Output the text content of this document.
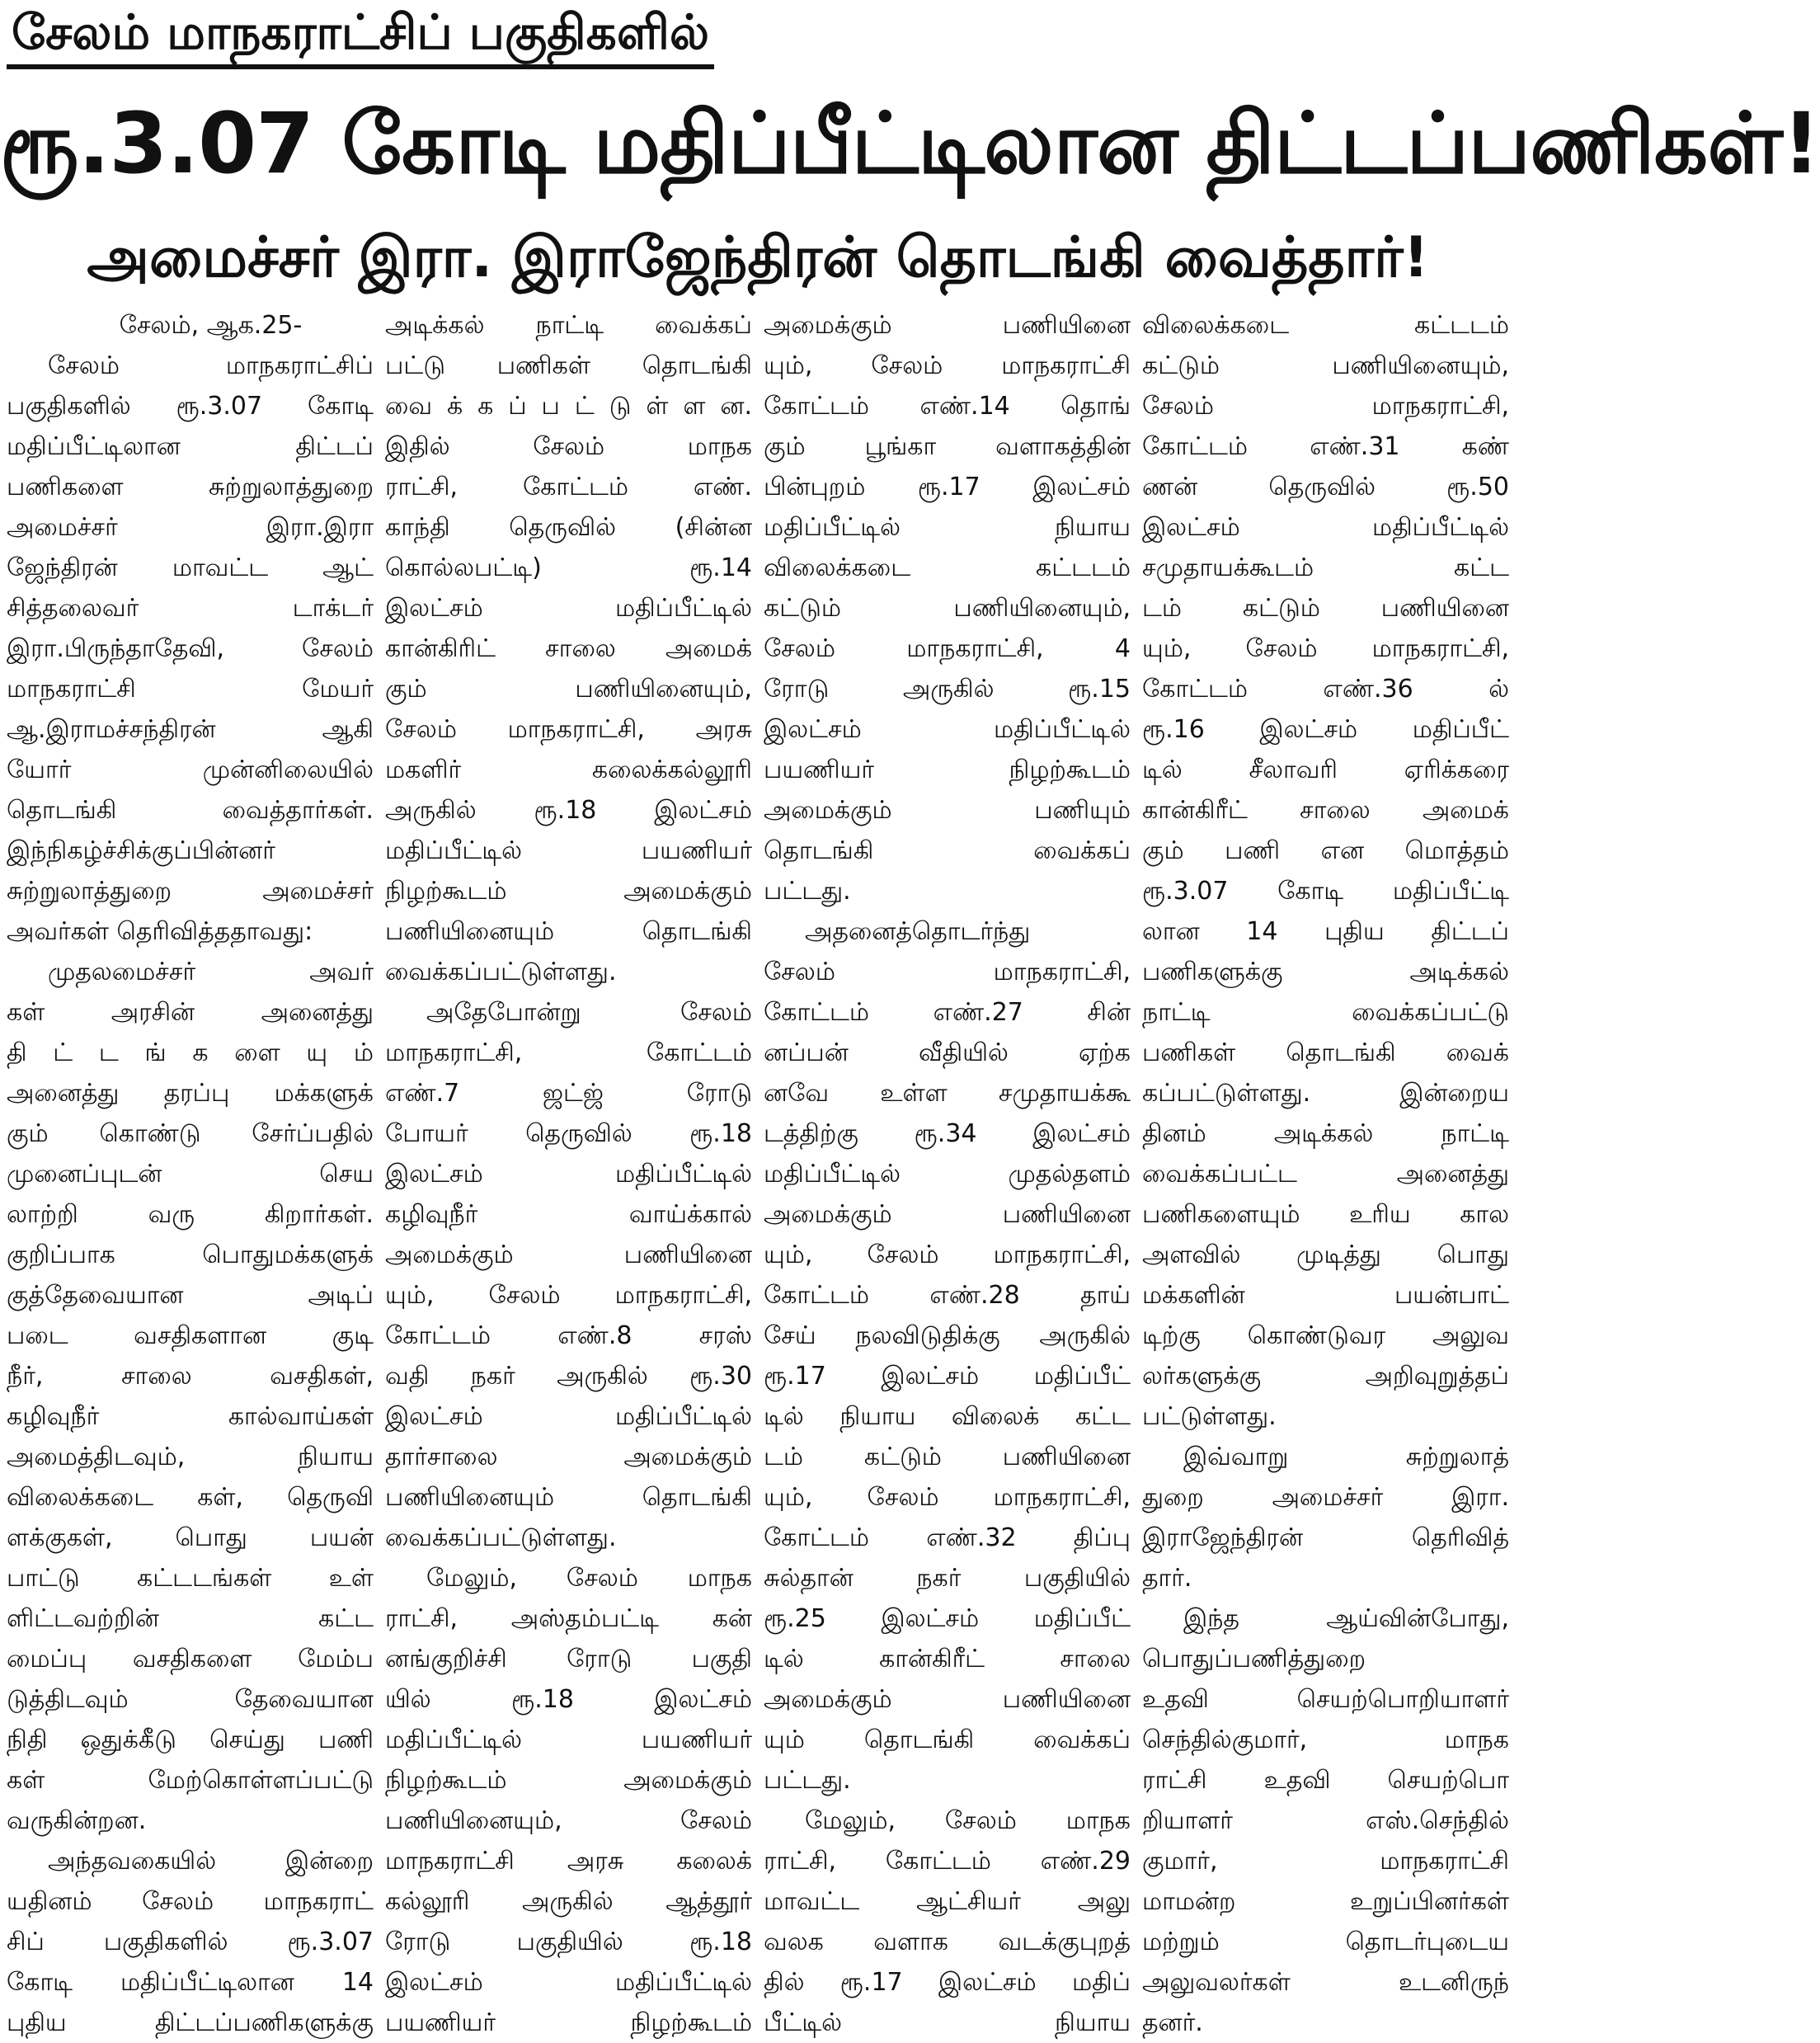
சேலம் மாநகராட்சிப் பகுதிகளில்
ரூ.3.07 கோடி மதிப்பீட்டிலான திட்டப்பணிகள்!
அமைச்சர் இரா. இராஜேந்திரன் தொடங்கி வைத்தார்!
சேலம், ஆக.25-
சேலம் மாநகராட்சிப்
பகுதிகளில் ரூ.3.07 கோடி
மதிப்பீட்டிலான திட்டப்
பணிகளை சுற்றுலாத்துறை
அமைச்சர் இரா.இரா
ஜேந்திரன் மாவட்ட ஆட்
சித்தலைவர் டாக்டர்
இரா.பிருந்தாதேவி, சேலம்
மாநகராட்சி மேயர்
ஆ.இராமச்சந்திரன் ஆகி
யோர் முன்னிலையில்
தொடங்கி வைத்தார்கள்.
இந்நிகழ்ச்சிக்குப்பின்னர்
சுற்றுலாத்துறை அமைச்சர்
அவர்கள் தெரிவித்ததாவது:
முதலமைச்சர் அவர்
கள் அரசின் அனைத்து
தி ட் ட ங் க ளை யு ம்
அனைத்து தரப்பு மக்களுக்
கும் கொண்டு சேர்ப்பதில்
முனைப்புடன் செய
லாற்றி வரு கிறார்கள்.
குறிப்பாக பொதுமக்களுக்
குத்தேவையான அடிப்
படை வசதிகளான குடி
நீர், சாலை வசதிகள்,
கழிவுநீர் கால்வாய்கள்
அமைத்திடவும், நியாய
விலைக்கடை கள், தெருவி
ளக்குகள், பொது பயன்
பாட்டு கட்டடங்கள் உள்
ளிட்டவற்றின் கட்ட
மைப்பு வசதிகளை மேம்ப
டுத்திடவும் தேவையான
நிதி ஒதுக்கீடு செய்து பணி
கள் மேற்கொள்ளப்பட்டு
வருகின்றன.
அந்தவகையில் இன்றை
யதினம் சேலம் மாநகராட்
சிப் பகுதிகளில் ரூ.3.07
கோடி மதிப்பீட்டிலான 14
புதிய திட்டப்பணிகளுக்கு
அடிக்கல் நாட்டி வைக்கப்
பட்டு பணிகள் தொடங்கி
வை க் க ப் ப ட் டு ள் ள ன.
இதில் சேலம் மாநக
ராட்சி, கோட்டம் எண்.
காந்தி தெருவில் (சின்ன
கொல்லபட்டி) ரூ.14
இலட்சம் மதிப்பீட்டில்
கான்கிரிட் சாலை அமைக்
கும் பணியினையும்,
சேலம் மாநகராட்சி, அரசு
மகளிர் கலைக்கல்லூரி
அருகில் ரூ.18 இலட்சம்
மதிப்பீட்டில் பயணியர்
நிழற்கூடம் அமைக்கும்
பணியினையும் தொடங்கி
வைக்கப்பட்டுள்ளது.
அதேபோன்று சேலம்
மாநகராட்சி, கோட்டம்
எண்.7 ஜட்ஜ் ரோடு
போயர் தெருவில் ரூ.18
இலட்சம் மதிப்பீட்டில்
கழிவுநீர் வாய்க்கால்
அமைக்கும் பணியினை
யும், சேலம் மாநகராட்சி,
கோட்டம் எண்.8 சரஸ்
வதி நகர் அருகில் ரூ.30
இலட்சம் மதிப்பீட்டில்
தார்சாலை அமைக்கும்
பணியினையும் தொடங்கி
வைக்கப்பட்டுள்ளது.
மேலும், சேலம் மாநக
ராட்சி, அஸ்தம்பட்டி கன்
னங்குறிச்சி ரோடு பகுதி
யில் ரூ.18 இலட்சம்
மதிப்பீட்டில் பயணியர்
நிழற்கூடம் அமைக்கும்
பணியினையும், சேலம்
மாநகராட்சி அரசு கலைக்
கல்லூரி அருகில் ஆத்தூர்
ரோடு பகுதியில் ரூ.18
இலட்சம் மதிப்பீட்டில்
பயணியர் நிழற்கூடம்
அமைக்கும் பணியினை
யும், சேலம் மாநகராட்சி
கோட்டம் எண்.14 தொங்
கும் பூங்கா வளாகத்தின்
பின்புறம் ரூ.17 இலட்சம்
மதிப்பீட்டில் நியாய
விலைக்கடை கட்டடம்
கட்டும் பணியினையும்,
சேலம் மாநகராட்சி, 4
ரோடு அருகில் ரூ.15
இலட்சம் மதிப்பீட்டில்
பயணியர் நிழற்கூடம்
அமைக்கும் பணியும்
தொடங்கி வைக்கப்
பட்டது.
அதனைத்தொடர்ந்து
சேலம் மாநகராட்சி,
கோட்டம் எண்.27 சின்
னப்பன் வீதியில் ஏற்க
னவே உள்ள சமுதாயக்கூ
டத்திற்கு ரூ.34 இலட்சம்
மதிப்பீட்டில் முதல்தளம்
அமைக்கும் பணியினை
யும், சேலம் மாநகராட்சி,
கோட்டம் எண்.28 தாய்
சேய் நலவிடுதிக்கு அருகில்
ரூ.17 இலட்சம் மதிப்பீட்
டில் நியாய விலைக் கட்ட
டம் கட்டும் பணியினை
யும், சேலம் மாநகராட்சி,
கோட்டம் எண்.32 திப்பு
சுல்தான் நகர் பகுதியில்
ரூ.25 இலட்சம் மதிப்பீட்
டில் கான்கிரீட் சாலை
அமைக்கும் பணியினை
யும் தொடங்கி வைக்கப்
பட்டது.
மேலும், சேலம் மாநக
ராட்சி, கோட்டம் எண்.29
மாவட்ட ஆட்சியர் அலு
வலக வளாக வடக்குபுறத்
தில் ரூ.17 இலட்சம் மதிப்
பீட்டில் நியாய
விலைக்கடை கட்டடம்
கட்டும் பணியினையும்,
சேலம் மாநகராட்சி,
கோட்டம் எண்.31 கண்
ணன் தெருவில் ரூ.50
இலட்சம் மதிப்பீட்டில்
சமுதாயக்கூடம் கட்ட
டம் கட்டும் பணியினை
யும், சேலம் மாநகராட்சி,
கோட்டம் எண்.36 ல்
ரூ.16 இலட்சம் மதிப்பீட்
டில் சீலாவரி ஏரிக்கரை
கான்கிரீட் சாலை அமைக்
கும் பணி என மொத்தம்
ரூ.3.07 கோடி மதிப்பீட்டி
லான 14 புதிய திட்டப்
பணிகளுக்கு அடிக்கல்
நாட்டி வைக்கப்பட்டு
பணிகள் தொடங்கி வைக்
கப்பட்டுள்ளது. இன்றைய
தினம் அடிக்கல் நாட்டி
வைக்கப்பட்ட அனைத்து
பணிகளையும் உரிய கால
அளவில் முடித்து பொது
மக்களின் பயன்பாட்
டிற்கு கொண்டுவர அலுவ
லர்களுக்கு அறிவுறுத்தப்
பட்டுள்ளது.
இவ்வாறு சுற்றுலாத்
துறை அமைச்சர் இரா.
இராஜேந்திரன் தெரிவித்
தார்.
இந்த ஆய்வின்போது,
பொதுப்பணித்துறை
உதவி செயற்பொறியாளர்
செந்தில்குமார், மாநக
ராட்சி உதவி செயற்பொ
றியாளர் எஸ்.செந்தில்
குமார், மாநகராட்சி
மாமன்ற உறுப்பினர்கள்
மற்றும் தொடர்புடைய
அலுவலர்கள் உடனிருந்
தனர்.
